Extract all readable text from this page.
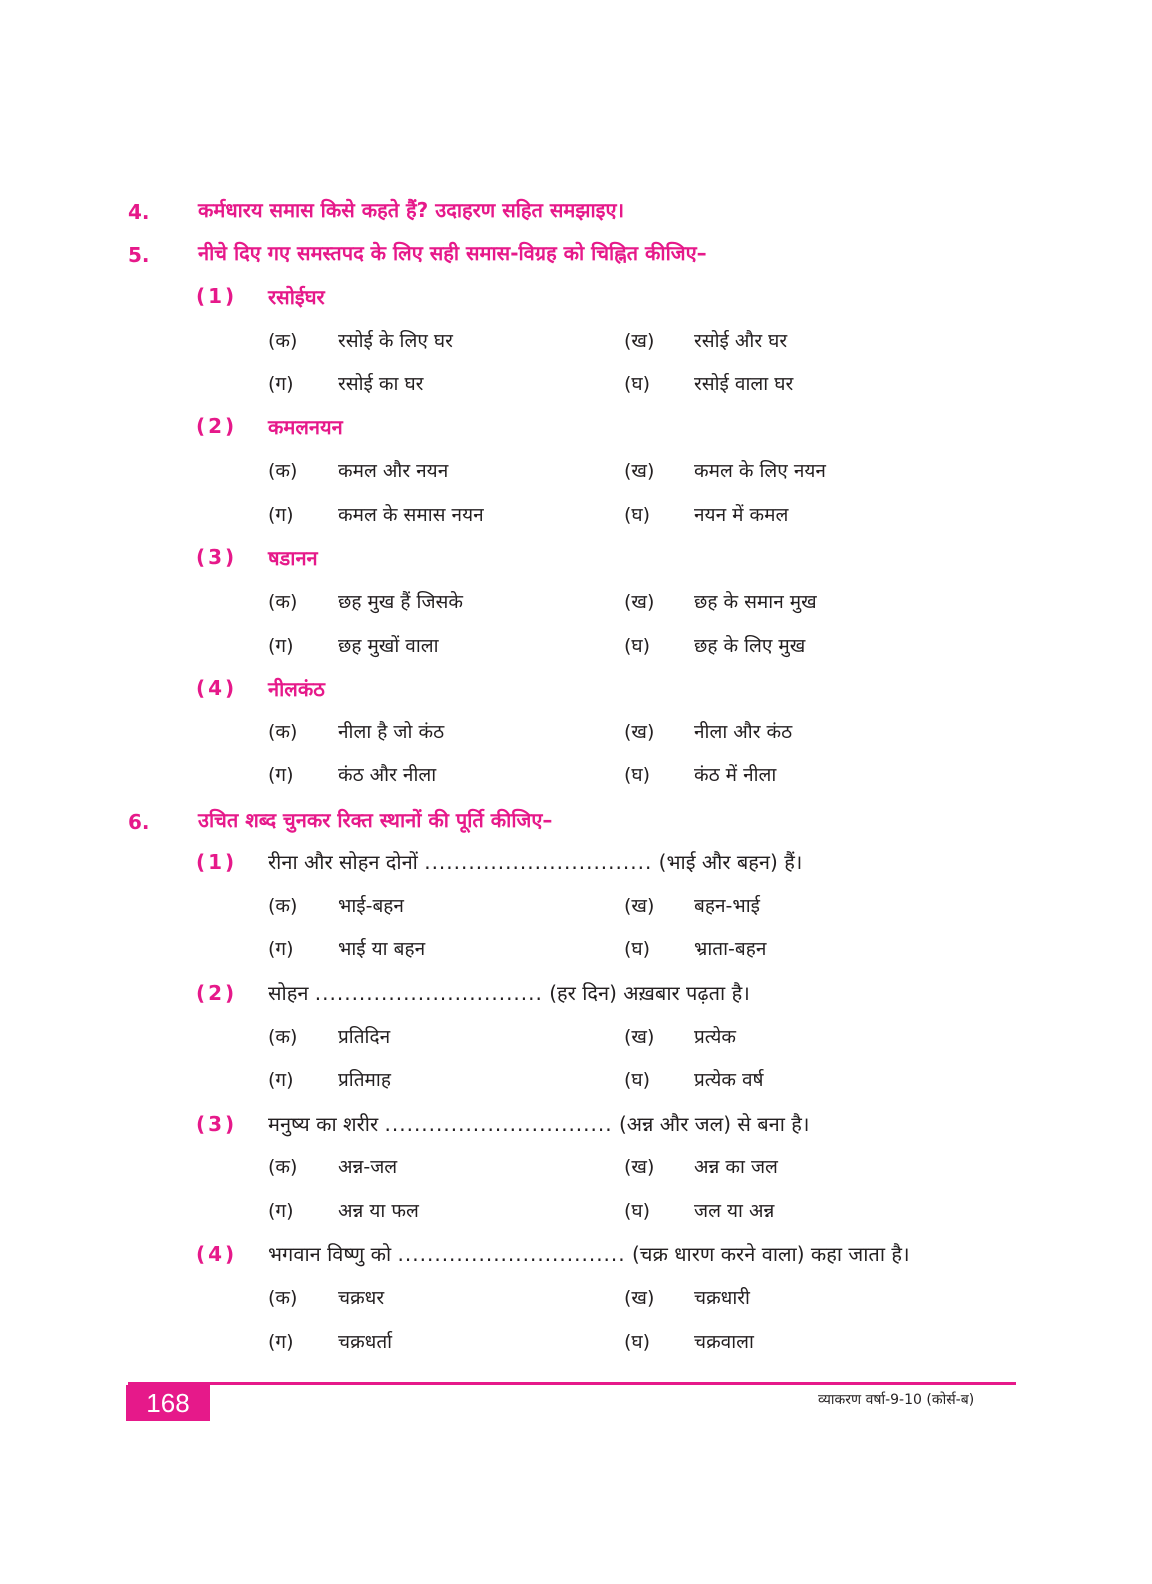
4. कर्मधारय समास किसे कहते हैं? उदाहरण सहित समझाइए।
5. नीचे दिए गए समस्तपद के लिए सही समास-विग्रह को चिह्नित कीजिए–
(1) रसोईघर
(क) रसोई के लिए घर	(ख) रसोई और घर
(ग) रसोई का घर	(घ) रसोई वाला घर
(2) कमलनयन
(क) कमल और नयन	(ख) कमल के लिए नयन
(ग) कमल के समास नयन	(घ) नयन में कमल
(3) षडानन
(क) छह मुख हैं जिसके	(ख) छह के समान मुख
(ग) छह मुखों वाला	(घ) छह के लिए मुख
(4) नीलकंठ
(क) नीला है जो कंठ	(ख) नीला और कंठ
(ग) कंठ और नीला	(घ) कंठ में नीला
6. उचित शब्द चुनकर रिक्त स्थानों की पूर्ति कीजिए–
(1) रीना और सोहन दोनों ............................... (भाई और बहन) हैं।
(क) भाई-बहन	(ख) बहन-भाई
(ग) भाई या बहन	(घ) भ्राता-बहन
(2) सोहन ............................... (हर दिन) अख़बार पढ़ता है।
(क) प्रतिदिन	(ख) प्रत्येक
(ग) प्रतिमाह	(घ) प्रत्येक वर्ष
(3) मनुष्य का शरीर ............................... (अन्न और जल) से बना है।
(क) अन्न-जल	(ख) अन्न का जल
(ग) अन्न या फल	(घ) जल या अन्न
(4) भगवान विष्णु को ............................... (चक्र धारण करने वाला) कहा जाता है।
(क) चक्रधर	(ख) चक्रधारी
(ग) चक्रधर्ता	(घ) चक्रवाला
168	व्याकरण वर्षा-9-10 (कोर्स-ब)
